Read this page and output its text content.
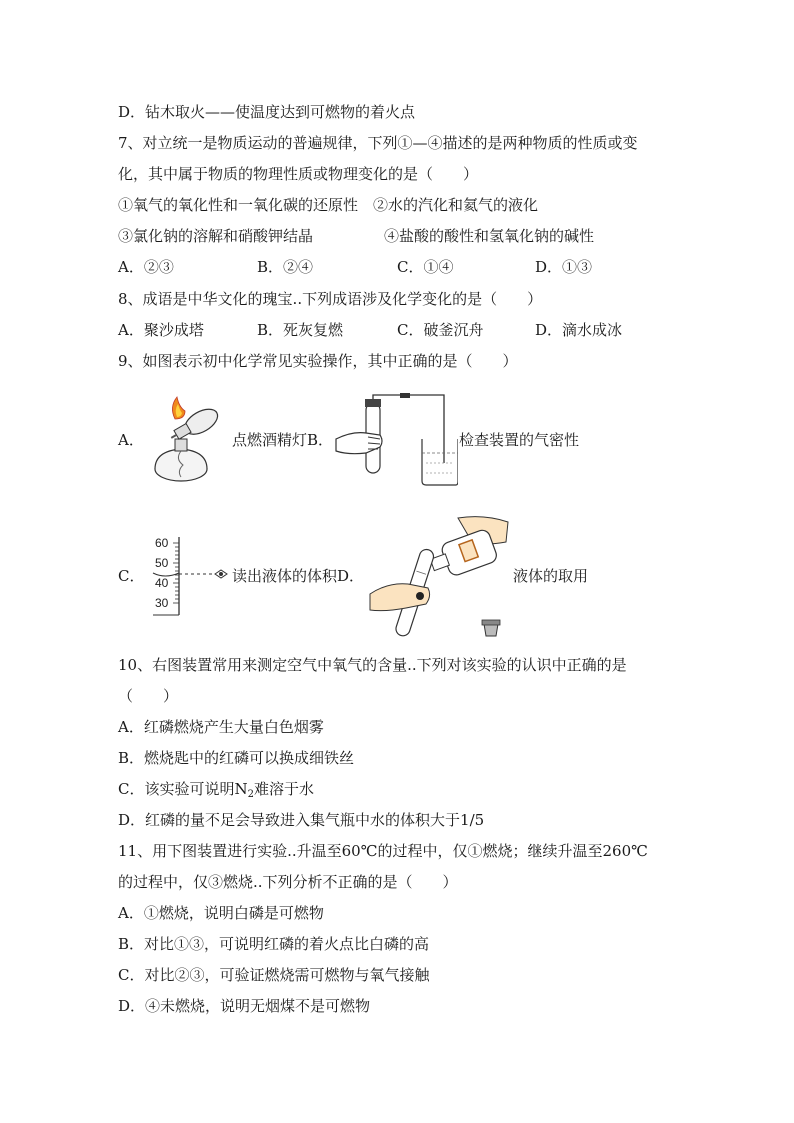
D．钻木取火——使温度达到可燃物的着火点
7、对立统一是物质运动的普遍规律，下列①—④描述的是两种物质的性质或变
化，其中属于物质的物理性质或物理变化的是（　　）
①氧气的氧化性和一氧化碳的还原性　②水的汽化和氦气的液化
③氯化钠的溶解和硝酸钾结晶	④盐酸的酸性和氢氧化钠的碱性
A．②③	B．②④	C．①④	D．①③
8、成语是中华文化的瑰宝..下列成语涉及化学变化的是（　　）
A．聚沙成塔	B．死灰复燃	C．破釜沉舟	D．滴水成冰
9、如图表示初中化学常见实验操作，其中正确的是（　　）
A．	点燃酒精灯B．	检查装置的气密性
C．
60
50
40
30
读出液体的体积D．	液体的取用
10、右图装置常用来测定空气中氧气的含量..下列对该实验的认识中正确的是
（　　）
A．红磷燃烧产生大量白色烟雾
B．燃烧匙中的红磷可以换成细铁丝
C．该实验可说明$N_2$难溶于水
D．红磷的量不足会导致进入集气瓶中水的体积大于1/5
11、用下图装置进行实验..升温至60℃的过程中，仅①燃烧；继续升温至260℃
的过程中，仅③燃烧..下列分析不正确的是（　　）
A．①燃烧，说明白磷是可燃物
B．对比①③，可说明红磷的着火点比白磷的高
C．对比②③，可验证燃烧需可燃物与氧气接触
D．④未燃烧，说明无烟煤不是可燃物
